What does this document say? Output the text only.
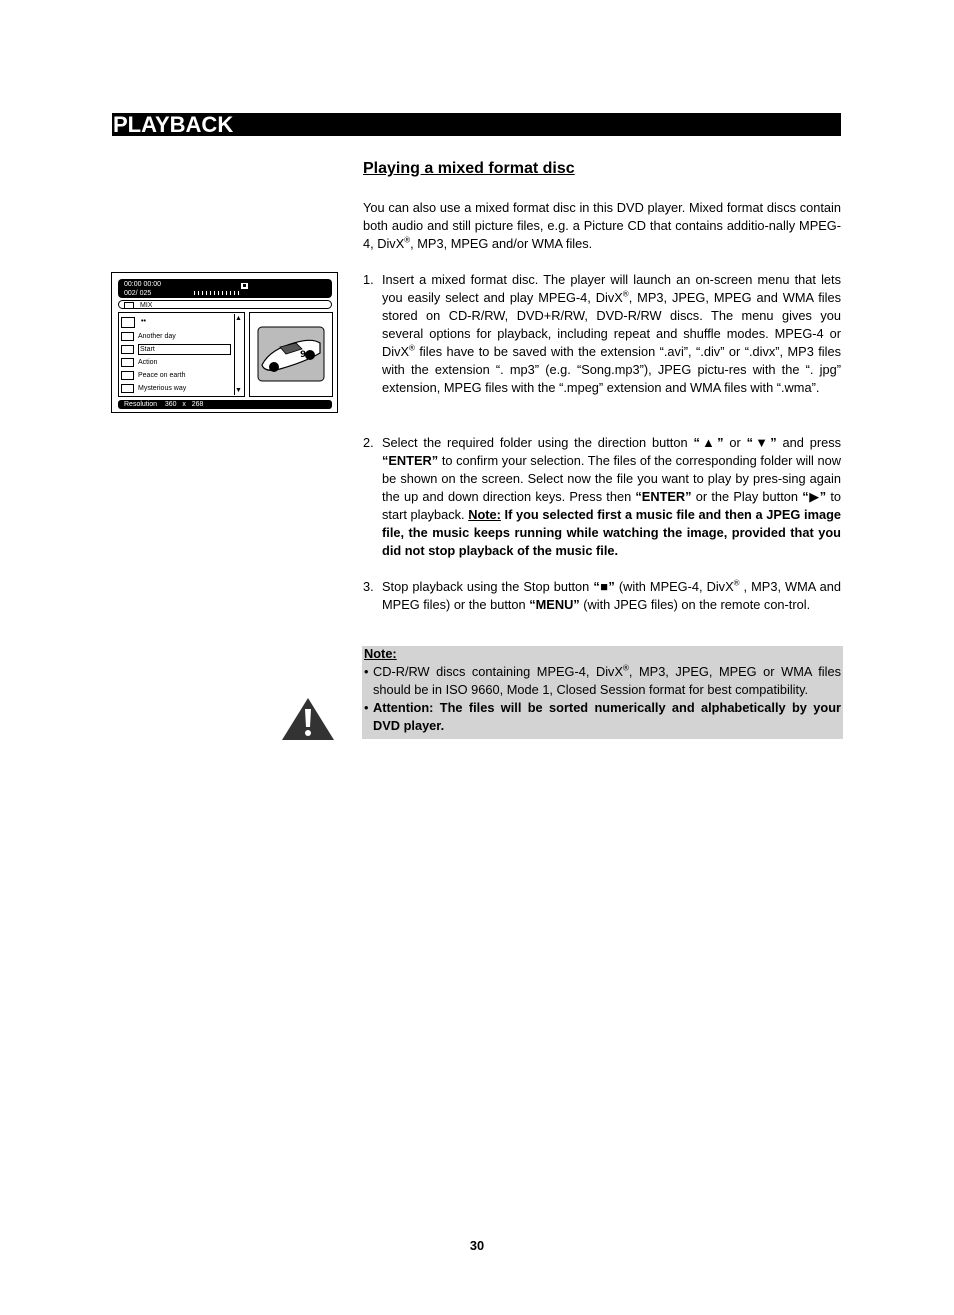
PLAYBACK
Playing a mixed format disc
You can also use a mixed format disc in this DVD player. Mixed format discs contain both audio and still picture files, e.g. a Picture CD that contains additio-nally MPEG-4, DivX®, MP3, MPEG and/or WMA files.
1. Insert a mixed format disc. The player will launch an on-screen menu that lets you easily select and play MPEG-4, DivX®, MP3, JPEG, MPEG and WMA files stored on CD-R/RW, DVD+R/RW, DVD-R/RW discs. The menu gives you several options for playback, including repeat and shuffle modes. MPEG-4 or DivX® files have to be saved with the extension “.avi”, “.div” or “.divx”, MP3 files with the extension “. mp3” (e.g. “Song.mp3”), JPEG pictu-res with the “. jpg” extension, MPEG files with the “.mpeg” extension and WMA files with “.wma”.
2. Select the required folder using the direction button “▲” or “▼” and press “ENTER” to confirm your selection. The files of the corresponding folder will now be shown on the screen. Select now the file you want to play by pres-sing again the up and down direction keys. Press then “ENTER” or the Play button “▶” to start playback. Note: If you selected first a music file and then a JPEG image file, the music keeps running while watching the image, provided that you did not stop playback of the music file.
3. Stop playback using the Stop button “■” (with MPEG-4, DivX® , MP3, WMA and MPEG files) or the button “MENU” (with JPEG files) on the remote con-trol.
Note:
• CD-R/RW discs containing MPEG-4, DivX®, MP3, JPEG, MPEG or WMA files should be in ISO 9660, Mode 1, Closed Session format for best compatibility.
• Attention: The files will be sorted numerically and alphabetically by your DVD player.
00:00 00:00
002/ 025
MIX
••
Another day
Start
Action
Peace on earth
Mysterious way
▲
▼
99
Resolution    360   x   268
30
